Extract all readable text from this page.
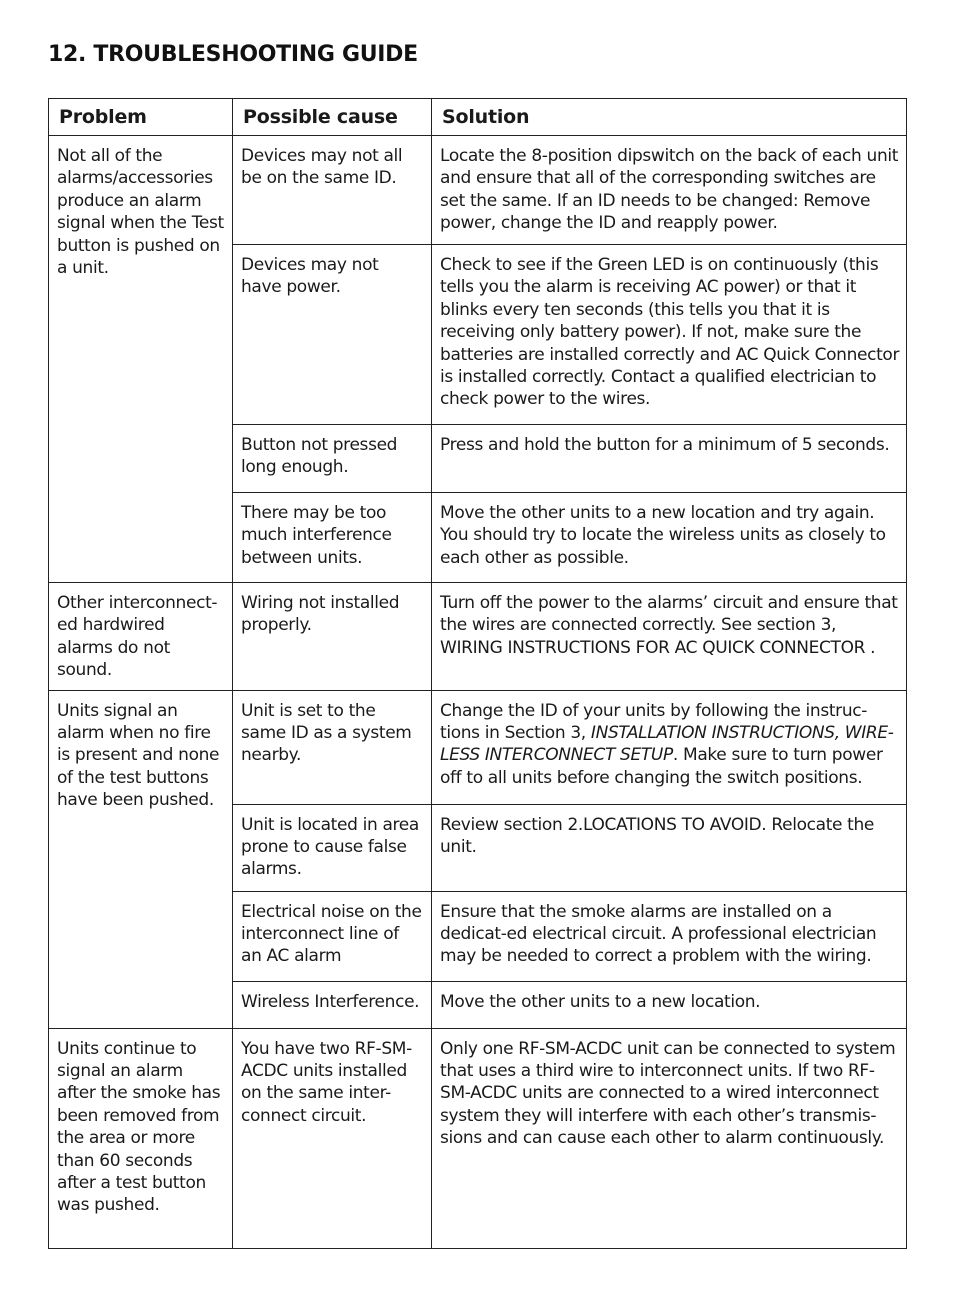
12. TROUBLESHOOTING GUIDE
Problem	Possible cause	Solution
Not all of the alarms/accessories produce an alarm signal when the Test button is pushed on a unit.	Devices may not all be on the same ID.	Locate the 8-position dipswitch on the back of each unit and ensure that all of the corresponding switches are set the same. If an ID needs to be changed: Remove power, change the ID and reapply power.
	Devices may not have power.	Check to see if the Green LED is on continuously (this tells you the alarm is receiving AC power) or that it blinks every ten seconds (this tells you that it is receiving only battery power). If not, make sure the batteries are installed correctly and AC Quick Connector is installed correctly. Contact a qualified electrician to check power to the wires.
	Button not pressed long enough.	Press and hold the button for a minimum of 5 seconds.
	There may be too much interference between units.	Move the other units to a new location and try again. You should try to locate the wireless units as closely to each other as possible.
Other interconnect-ed hardwired alarms do not sound.	Wiring not installed properly.	Turn off the power to the alarms’ circuit and ensure that the wires are connected correctly. See section 3, WIRING INSTRUCTIONS FOR AC QUICK CONNECTOR .
Units signal an alarm when no fire is present and none of the test buttons have been pushed.	Unit is set to the same ID as a system nearby.	Change the ID of your units by following the instruc-tions in Section 3, INSTALLATION INSTRUCTIONS, WIRE-LESS INTERCONNECT SETUP. Make sure to turn power off to all units before changing the switch positions.
	Unit is located in area prone to cause false alarms.	Review section 2.LOCATIONS TO AVOID. Relocate the unit.
	Electrical noise on the interconnect line of an AC alarm	Ensure that the smoke alarms are installed on a dedicat-ed electrical circuit. A professional electrician may be needed to correct a problem with the wiring.
	Wireless Interference.	Move the other units to a new location.
Units continue to signal an alarm after the smoke has been removed from the area or more than 60 seconds after a test button was pushed.	You have two RF-SM-ACDC units installed on the same inter-connect circuit.	Only one RF-SM-ACDC unit can be connected to system that uses a third wire to interconnect units. If two RF-SM-ACDC units are connected to a wired interconnect system they will interfere with each other’s transmis-sions and can cause each other to alarm continuously.
